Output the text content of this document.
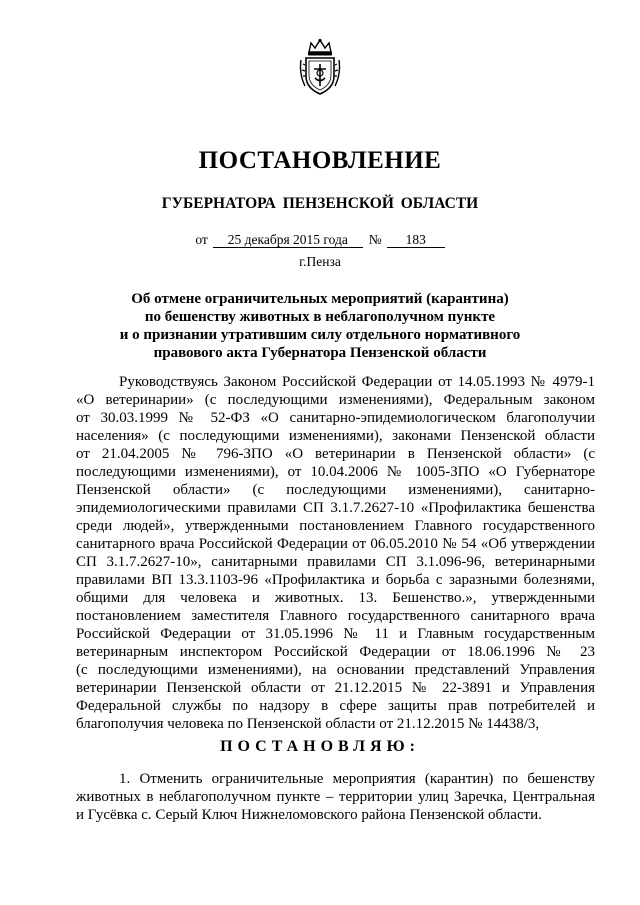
ПОСТАНОВЛЕНИЕ
ГУБЕРНАТОРА ПЕНЗЕНСКОЙ ОБЛАСТИ
от 25 декабря 2015 года № 183
г.Пенза
Об отмене ограничительных мероприятий (карантина)
по бешенству животных в неблагополучном пункте
и о признании утратившим силу отдельного нормативного
правового акта Губернатора Пензенской области
Руководствуясь Законом Российской Федерации от 14.05.1993 № 4979-1
«О ветеринарии» (с последующими изменениями), Федеральным законом
от 30.03.1999 № 52-ФЗ «О санитарно-эпидемиологическом благополучии
населения» (с последующими изменениями), законами Пензенской области
от 21.04.2005 № 796-ЗПО «О ветеринарии в Пензенской области» (с
последующими изменениями), от 10.04.2006 № 1005-ЗПО «О Губернаторе
Пензенской области» (с последующими изменениями), санитарно-
эпидемиологическими правилами СП 3.1.7.2627-10 «Профилактика бешенства
среди людей», утвержденными постановлением Главного государственного
санитарного врача Российской Федерации от 06.05.2010 № 54 «Об утверждении
СП 3.1.7.2627-10», санитарными правилами СП 3.1.096-96, ветеринарными
правилами ВП 13.3.1103-96 «Профилактика и борьба с заразными болезнями,
общими для человека и животных. 13. Бешенство.», утвержденными
постановлением заместителя Главного государственного санитарного врача
Российской Федерации от 31.05.1996 № 11 и Главным государственным
ветеринарным инспектором Российской Федерации от 18.06.1996 № 23
(с последующими изменениями), на основании представлений Управления
ветеринарии Пензенской области от 21.12.2015 № 22-3891 и Управления
Федеральной службы по надзору в сфере защиты прав потребителей и
благополучия человека по Пензенской области от 21.12.2015 № 14438/3,
ПОСТАНОВЛЯЮ:
1. Отменить ограничительные мероприятия (карантин) по бешенству
животных в неблагополучном пункте – территории улиц Заречка, Центральная
и Гусёвка с. Серый Ключ Нижнеломовского района Пензенской области.
